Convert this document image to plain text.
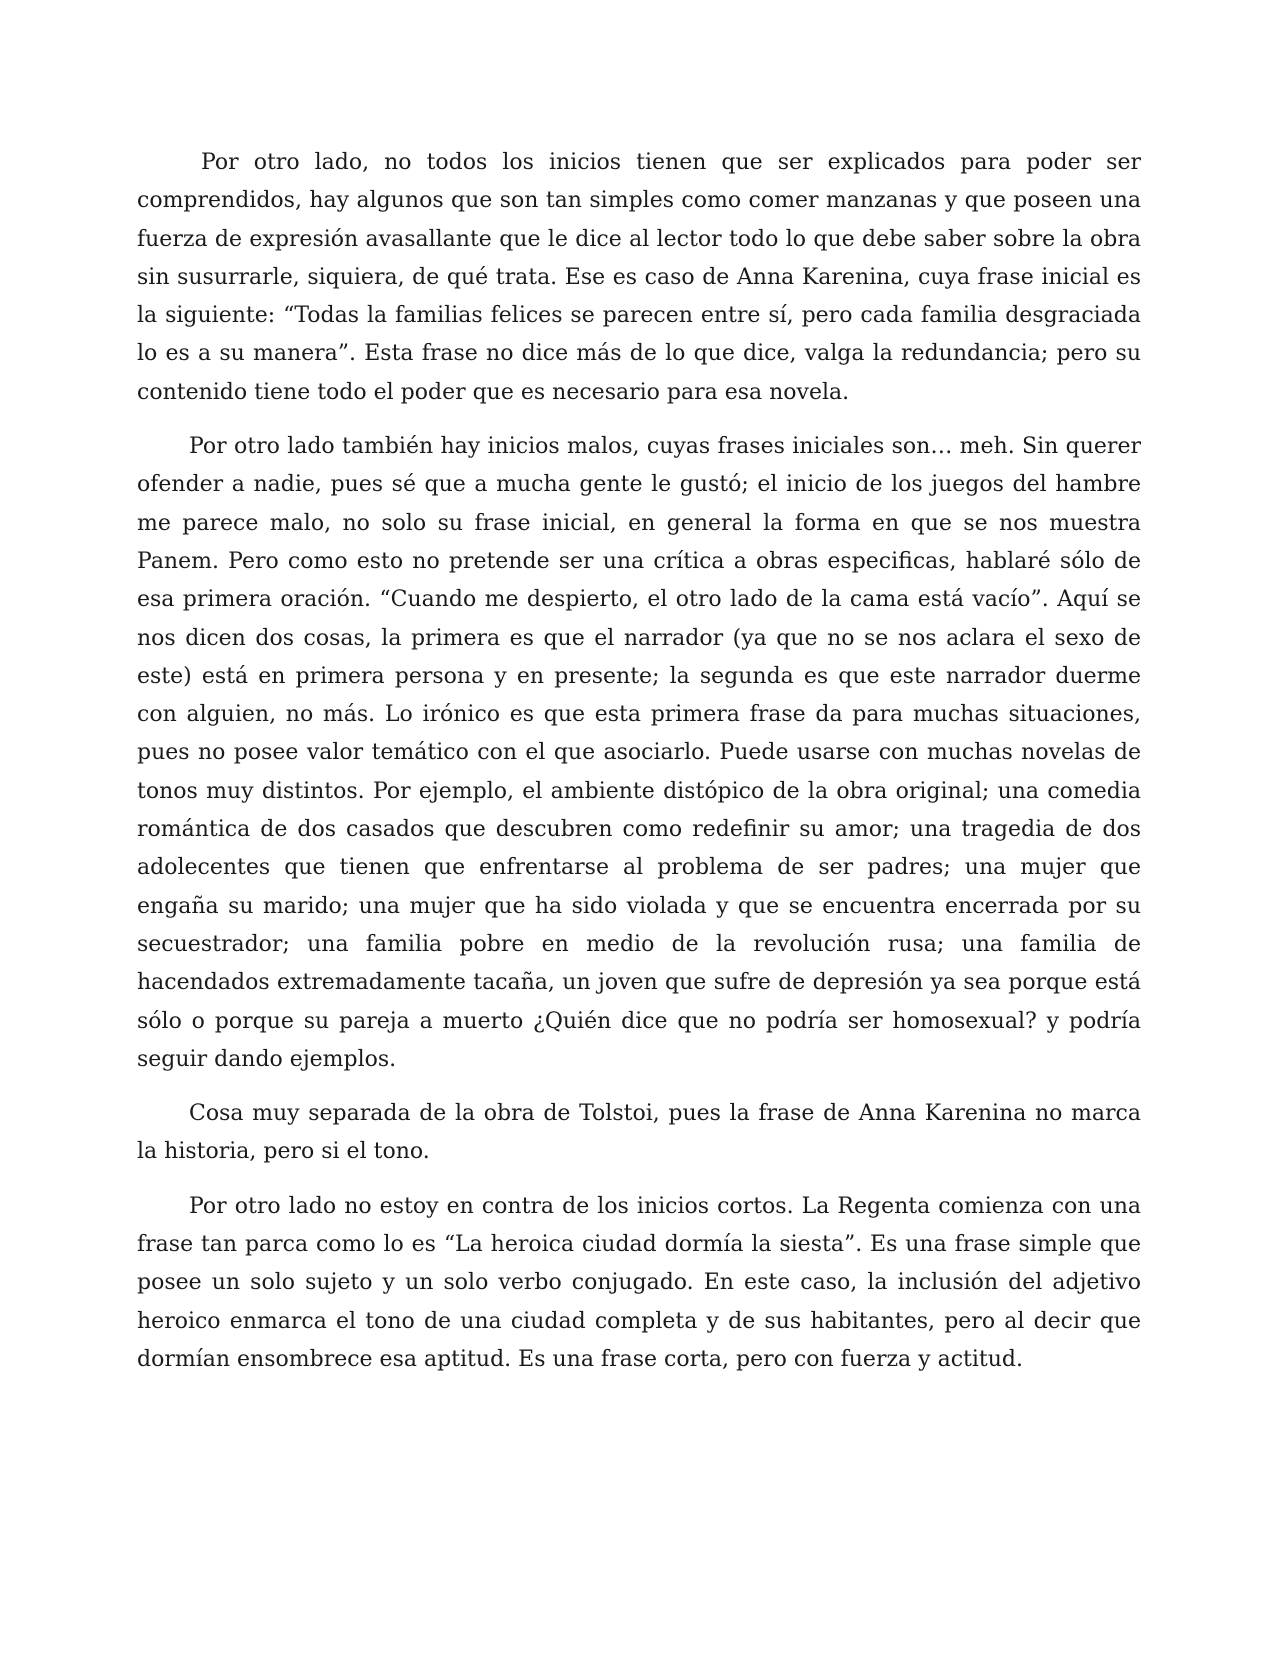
Por otro lado, no todos los inicios tienen que ser explicados para poder ser comprendidos, hay algunos que son tan simples como comer manzanas y que poseen una fuerza de expresión avasallante que le dice al lector todo lo que debe saber sobre la obra sin susurrarle, siquiera, de qué trata. Ese es caso de Anna Karenina, cuya frase inicial es la siguiente: “Todas la familias felices se parecen entre sí, pero cada familia desgraciada lo es a su manera”. Esta frase no dice más de lo que dice, valga la redundancia; pero su contenido tiene todo el poder que es necesario para esa novela.

Por otro lado también hay inicios malos, cuyas frases iniciales son… meh. Sin querer ofender a nadie, pues sé que a mucha gente le gustó; el inicio de los juegos del hambre me parece malo, no solo su frase inicial, en general la forma en que se nos muestra Panem. Pero como esto no pretende ser una crítica a obras especificas, hablaré sólo de esa primera oración. “Cuando me despierto, el otro lado de la cama está vacío”. Aquí se nos dicen dos cosas, la primera es que el narrador (ya que no se nos aclara el sexo de este) está en primera persona y en presente; la segunda es que este narrador duerme con alguien, no más. Lo irónico es que esta primera frase da para muchas situaciones, pues no posee valor temático con el que asociarlo. Puede usarse con muchas novelas de tonos muy distintos. Por ejemplo, el ambiente distópico de la obra original; una comedia romántica de dos casados que descubren como redefinir su amor; una tragedia de dos adolecentes que tienen que enfrentarse al problema de ser padres; una mujer que engaña su marido; una mujer que ha sido violada y que se encuentra encerrada por su secuestrador; una familia pobre en medio de la revolución rusa; una familia de hacendados extremadamente tacaña, un joven que sufre de depresión ya sea porque está sólo o porque su pareja a muerto ¿Quién dice que no podría ser homosexual? y podría seguir dando ejemplos.

Cosa muy separada de la obra de Tolstoi, pues la frase de Anna Karenina no marca la historia, pero si el tono.

Por otro lado no estoy en contra de los inicios cortos. La Regenta comienza con una frase tan parca como lo es “La heroica ciudad dormía la siesta”. Es una frase simple que posee un solo sujeto y un solo verbo conjugado. En este caso, la inclusión del adjetivo heroico enmarca el tono de una ciudad completa y de sus habitantes, pero al decir que dormían ensombrece esa aptitud. Es una frase corta, pero con fuerza y actitud.
